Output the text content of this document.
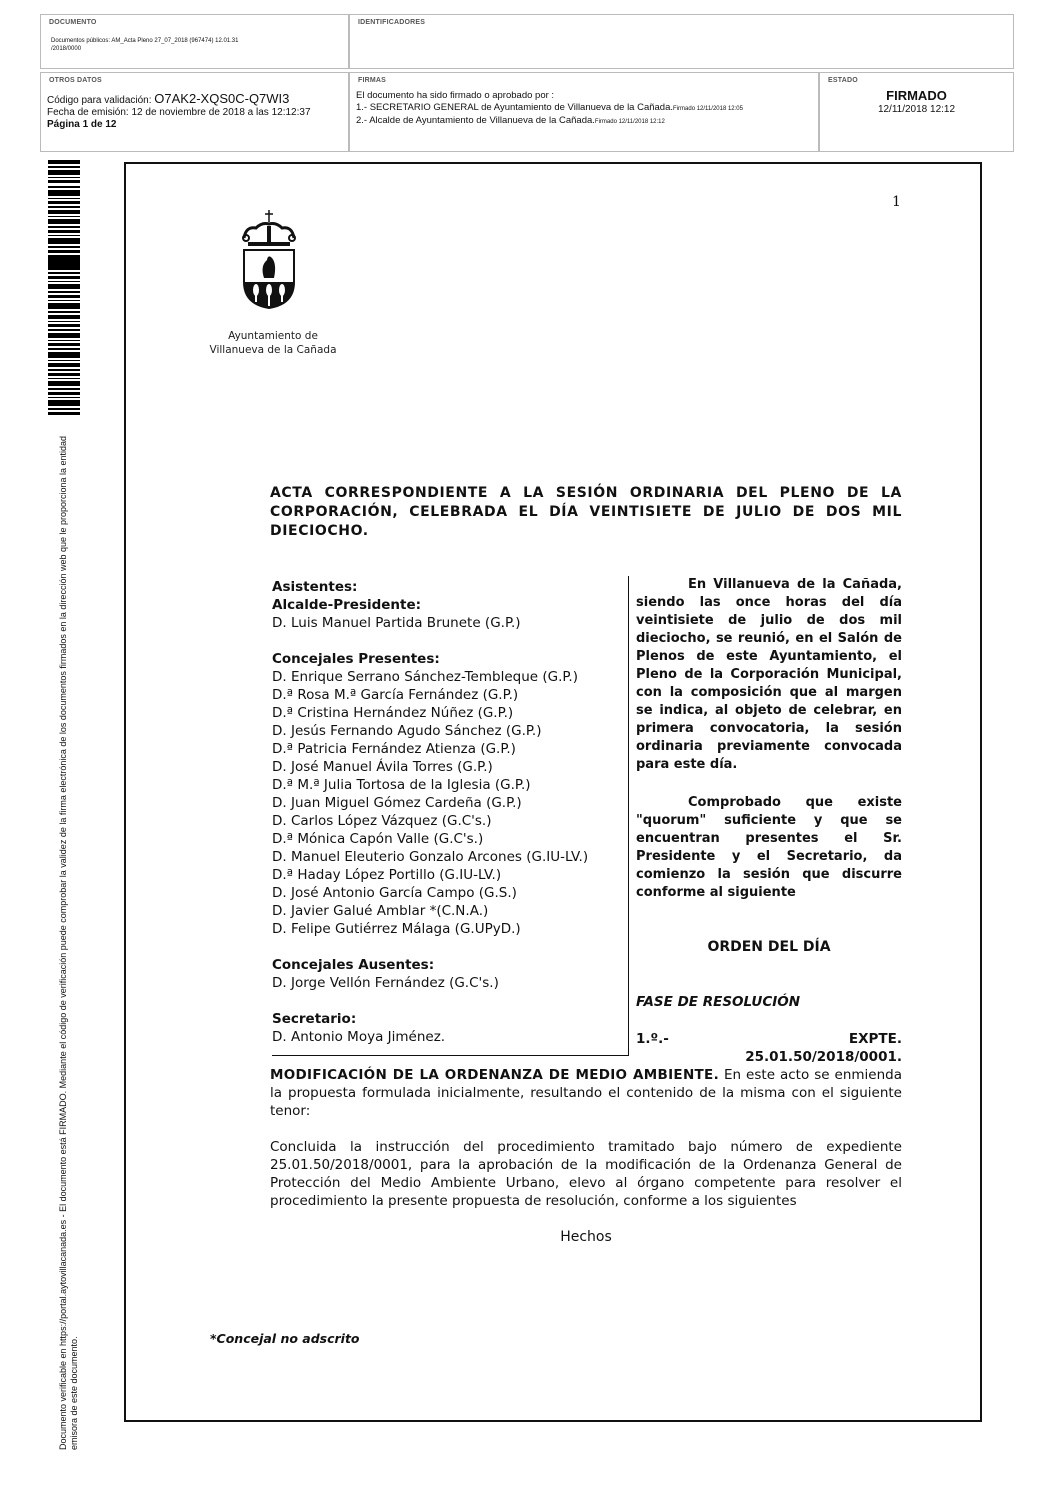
DOCUMENTO
Documentos públicos: AM_Acta Pleno 27_07_2018 (967474) 12.01.31
/2018/0000
IDENTIFICADORES
OTROS DATOS
Código para validación: O7AK2-XQS0C-Q7WI3
Fecha de emisión: 12 de noviembre de 2018 a las 12:12:37
Página 1 de 12
FIRMAS
El documento ha sido firmado o aprobado por :
1.- SECRETARIO GENERAL de Ayuntamiento de Villanueva de la Cañada.Firmado 12/11/2018 12:05
2.- Alcalde de Ayuntamiento de Villanueva de la Cañada.Firmado 12/11/2018 12:12
ESTADO
FIRMADO
12/11/2018 12:12
Documento verificable en https://portal.aytovillacanada.es - El documento está FIRMADO. Mediante el código de verificación puede comprobar la validez de la firma electrónica de los documentos firmados en la dirección web que le proporciona la entidad emisora de este documento.
1
Ayuntamiento de
Villanueva de la Cañada
ACTA CORRESPONDIENTE A LA SESIÓN ORDINARIA DEL PLENO DE LA CORPORACIÓN, CELEBRADA EL DÍA VEINTISIETE DE JULIO DE DOS MIL DIECIOCHO.
Asistentes:
Alcalde-Presidente:
D. Luis Manuel Partida Brunete (G.P.)
Concejales Presentes:
D. Enrique Serrano Sánchez-Tembleque (G.P.)
D.ª Rosa M.ª García Fernández (G.P.)
D.ª Cristina Hernández Núñez (G.P.)
D. Jesús Fernando Agudo Sánchez (G.P.)
D.ª Patricia Fernández Atienza (G.P.)
D. José Manuel Ávila Torres (G.P.)
D.ª M.ª Julia Tortosa de la Iglesia (G.P.)
D. Juan Miguel Gómez Cardeña (G.P.)
D. Carlos López Vázquez (G.C's.)
D.ª Mónica Capón Valle (G.C's.)
D. Manuel Eleuterio Gonzalo Arcones (G.IU-LV.)
D.ª Haday López Portillo (G.IU-LV.)
D. José Antonio García Campo (G.S.)
D. Javier Galué Amblar *(C.N.A.)
D. Felipe Gutiérrez Málaga (G.UPyD.)
Concejales Ausentes:
D. Jorge Vellón Fernández (G.C's.)
Secretario:
D. Antonio Moya Jiménez.
En Villanueva de la Cañada, siendo las once horas del día veintisiete de julio de dos mil dieciocho, se reunió, en el Salón de Plenos de este Ayuntamiento, el Pleno de la Corporación Municipal, con la composición que al margen se indica, al objeto de celebrar, en primera convocatoria, la sesión ordinaria previamente convocada para este día.
Comprobado que existe "quorum" suficiente y que se encuentran presentes el Sr. Presidente y el Secretario, da comienzo la sesión que discurre conforme al siguiente
ORDEN DEL DÍA
FASE DE RESOLUCIÓN
1.º.-	EXPTE.
25.01.50/2018/0001.
MODIFICACIÓN DE LA ORDENANZA DE MEDIO AMBIENTE. En este acto se enmienda la propuesta formulada inicialmente, resultando el contenido de la misma con el siguiente tenor:
Concluida la instrucción del procedimiento tramitado bajo número de expediente 25.01.50/2018/0001, para la aprobación de la modificación de la Ordenanza General de Protección del Medio Ambiente Urbano, elevo al órgano competente para resolver el procedimiento la presente propuesta de resolución, conforme a los siguientes
Hechos
*Concejal no adscrito
